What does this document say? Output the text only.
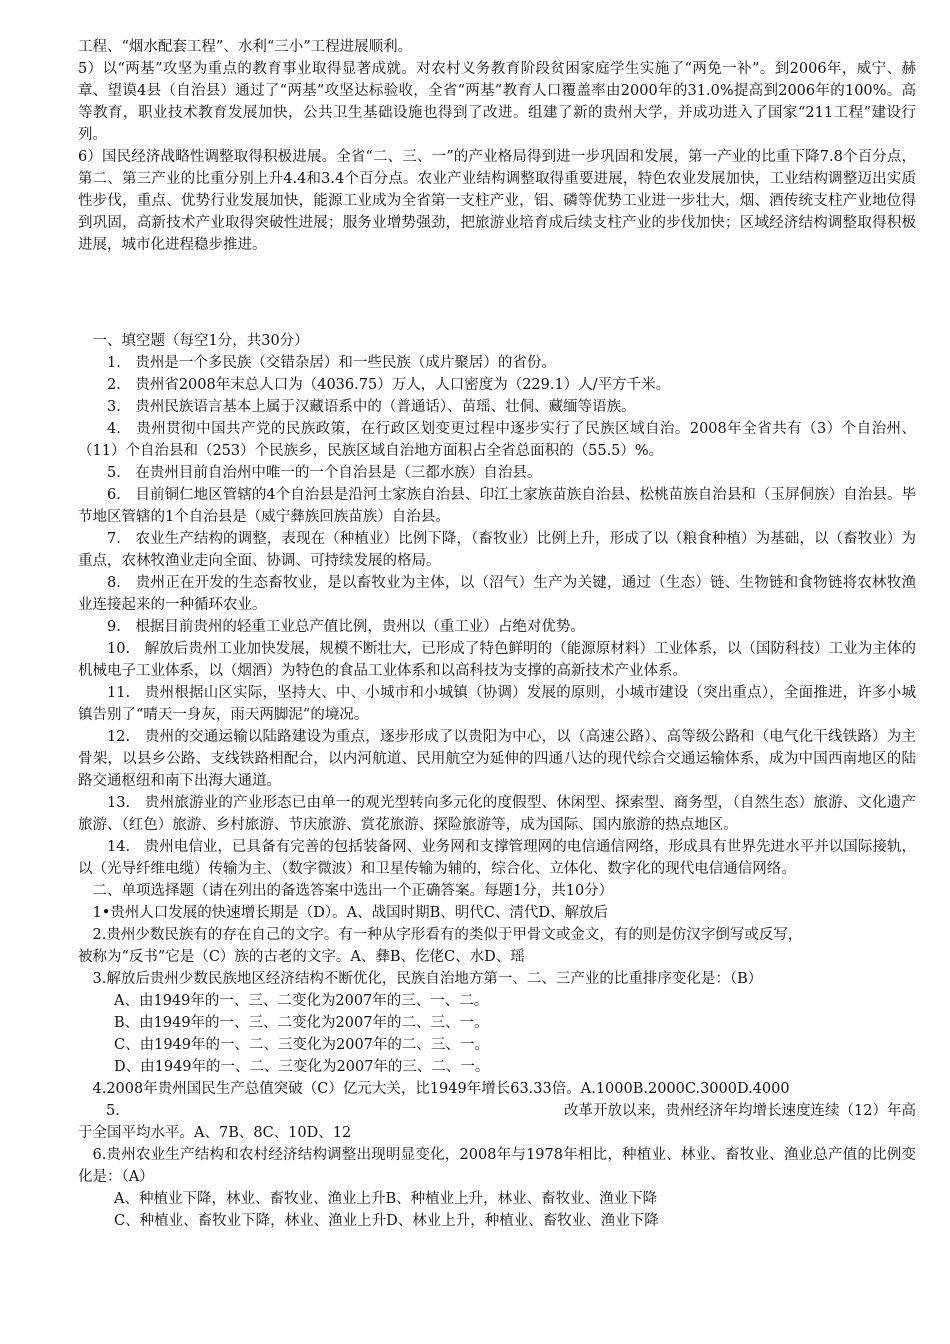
工程、“烟水配套工程”、水利“三小”工程进展顺利。

5）以“两基”攻坚为重点的教育事业取得显著成就。对农村义务教育阶段贫困家庭学生实施了“两免一补”。到2006年，威宁、赫章、望谟4县（自治县）通过了“两基”攻坚达标验收，全省“两基”教育人口覆盖率由2000年的31.0%提高到2006年的100%。高等教育，职业技术教育发展加快，公共卫生基础设施也得到了改进。组建了新的贵州大学，并成功进入了国家“211工程”建设行列。

6）国民经济战略性调整取得积极进展。全省“二、三、一”的产业格局得到进一步巩固和发展，第一产业的比重下降7.8个百分点，第二、第三产业的比重分别上升4.4和3.4个百分点。农业产业结构调整取得重要进展，特色农业发展加快，工业结构调整迈出实质性步伐，重点、优势行业发展加快，能源工业成为全省第一支柱产业，铝、磷等优势工业进一步壮大，烟、酒传统支柱产业地位得到巩固，高新技术产业取得突破性进展；服务业增势强劲，把旅游业培育成后续支柱产业的步伐加快；区域经济结构调整取得积极进展，城市化进程稳步推进。

一、填空题（每空1分，共30分）

1.　贵州是一个多民族（交错杂居）和一些民族（成片聚居）的省份。

2.　贵州省2008年末总人口为（4036.75）万人，人口密度为（229.1）人/平方千米。

3.　贵州民族语言基本上属于汉藏语系中的（普通话）、苗瑶、壮侗、藏缅等语族。

4.　贵州贯彻中国共产党的民族政策，在行政区划变更过程中逐步实行了民族区域自治。2008年全省共有（3）个自治州、（11）个自治县和（253）个民族乡，民族区域自治地方面积占全省总面积的（55.5）%。

5.　在贵州目前自治州中唯一的一个自治县是（三都水族）自治县。

6.　目前铜仁地区管辖的4个自治县是沿河土家族自治县、印江土家族苗族自治县、松桃苗族自治县和（玉屏侗族）自治县。毕节地区管辖的1个自治县是（威宁彝族回族苗族）自治县。

7.　农业生产结构的调整，表现在（种植业）比例下降，（畜牧业）比例上升，形成了以（粮食种植）为基础，以（畜牧业）为重点，农林牧渔业走向全面、协调、可持续发展的格局。

8.　贵州正在开发的生态畜牧业，是以畜牧业为主体，以（沼气）生产为关键，通过（生态）链、生物链和食物链将农林牧渔业连接起来的一种循环农业。

9.　根据目前贵州的轻重工业总产值比例，贵州以（重工业）占绝对优势。

10.　解放后贵州工业加快发展，规模不断壮大，已形成了特色鲜明的（能源原材料）工业体系，以（国防科技）工业为主体的机械电子工业体系，以（烟酒）为特色的食品工业体系和以高科技为支撑的高新技术产业体系。

11.　贵州根据山区实际，坚持大、中、小城市和小城镇（协调）发展的原则，小城市建设（突出重点），全面推进，许多小城镇告别了“晴天一身灰，雨天两脚泥”的境况。

12.　贵州的交通运输以陆路建设为重点，逐步形成了以贵阳为中心，以（高速公路）、高等级公路和（电气化干线铁路）为主骨架，以县乡公路、支线铁路相配合，以内河航道、民用航空为延伸的四通八达的现代综合交通运输体系，成为中国西南地区的陆路交通枢纽和南下出海大通道。

13.　贵州旅游业的产业形态已由单一的观光型转向多元化的度假型、休闲型、探索型、商务型，（自然生态）旅游、文化遗产旅游、（红色）旅游、乡村旅游、节庆旅游、赏花旅游、探险旅游等，成为国际、国内旅游的热点地区。

14.　贵州电信业，已具备有完善的包括装备网、业务网和支撑管理网的电信通信网络，形成具有世界先进水平并以国际接轨，以（光导纤维电缆）传输为主、（数字微波）和卫星传输为辅的，综合化、立体化、数字化的现代电信通信网络。

二、单项选择题（请在列出的备选答案中选出一个正确答案。每题1分，共10分）

1•贵州人口发展的快速增长期是（D）。A、战国时期B、明代C、清代D、解放后

2.贵州少数民族有的存在自己的文字。有一种从字形看有的类似于甲骨文或金文，有的则是仿汉字倒写或反写，

被称为“反书”它是（C）族的古老的文字。A、彝B、仡佬C、水D、瑶

3.解放后贵州少数民族地区经济结构不断优化，民族自治地方第一、二、三产业的比重排序变化是：（B）

A、由1949年的一、三、二变化为2007年的三、一、二。

B、由1949年的一、三、二变化为2007年的二、三、一。

C、由1949年的一、二、三变化为2007年的二、三、一。

D、由1949年的一、二、三变化为2007年的三、二、一。

4.2008年贵州国民生产总值突破（C）亿元大关，比1949年增长63.33倍。A.1000B.2000C.3000D.4000

5.	改革开放以来，贵州经济年均增长速度连续（12）年高

于全国平均水平。A、7B、8C、10D、12

6.贵州农业生产结构和农村经济结构调整出现明显变化，2008年与1978年相比，种植业、林业、畜牧业、渔业总产值的比例变化是：（A）

A、种植业下降，林业、畜牧业、渔业上升B、种植业上升，林业、畜牧业、渔业下降

C、种植业、畜牧业下降，林业、渔业上升D、林业上升，种植业、畜牧业、渔业下降
